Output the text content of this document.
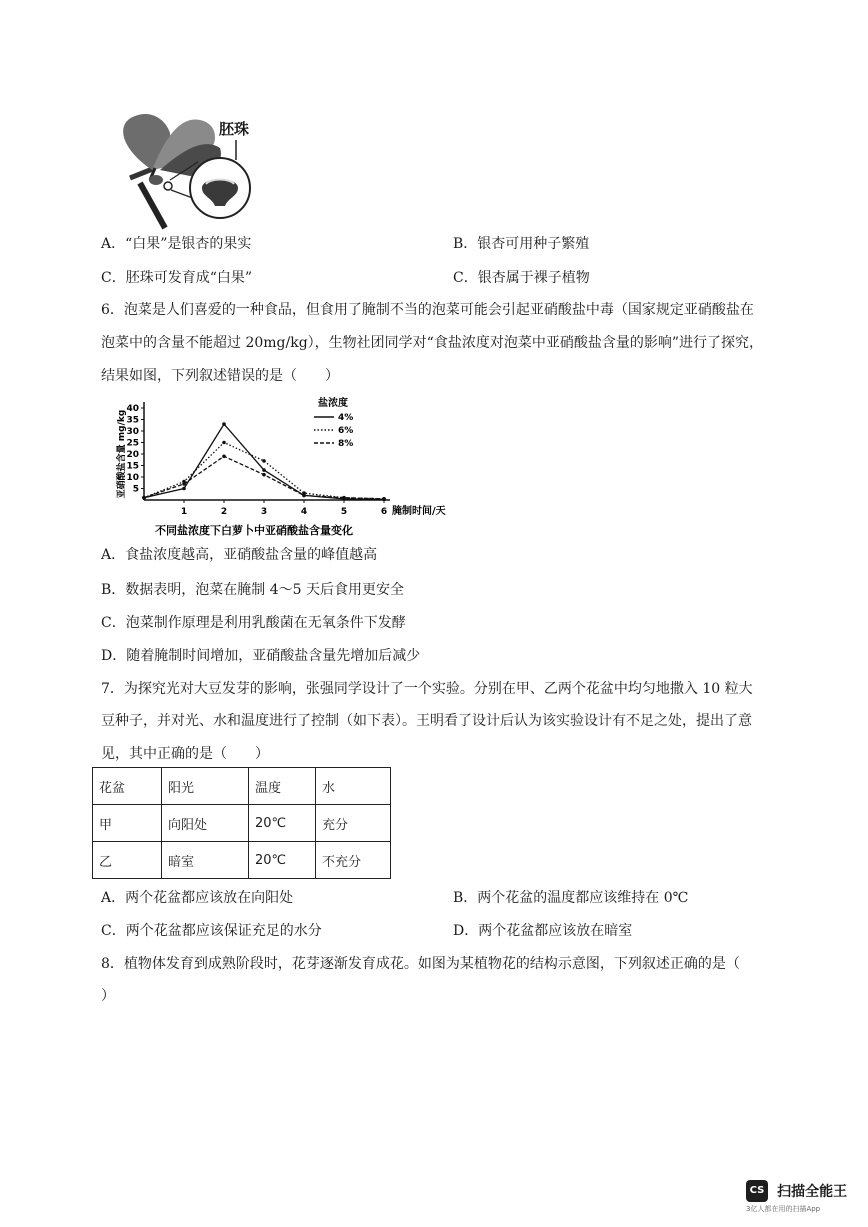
胚珠
A．“白果”是银杏的果实	B．银杏可用种子繁殖
C．胚珠可发育成“白果”	C．银杏属于裸子植物
6．泡菜是人们喜爱的一种食品，但食用了腌制不当的泡菜可能会引起亚硝酸盐中毒（国家规定亚硝酸盐在
泡菜中的含量不能超过 20mg/kg），生物社团同学对“食盐浓度对泡菜中亚硝酸盐含量的影响”进行了探究，
结果如图，下列叙述错误的是（　　）
5
10
15
20
25
30
35
40
1	2	3	4	5	6 腌制时间/天
亚硝酸盐含量 mg/kg
不同盐浓度下白萝卜中亚硝酸盐含量变化
盐浓度
4%
6%
8%
A．食盐浓度越高，亚硝酸盐含量的峰值越高
B．数据表明，泡菜在腌制 4～5 天后食用更安全
C．泡菜制作原理是利用乳酸菌在无氧条件下发酵
D．随着腌制时间增加，亚硝酸盐含量先增加后减少
7．为探究光对大豆发芽的影响，张强同学设计了一个实验。分别在甲、乙两个花盆中均匀地撒入 10 粒大
豆种子，并对光、水和温度进行了控制（如下表）。王明看了设计后认为该实验设计有不足之处，提出了意
见，其中正确的是（　　）
花盆	阳光	温度	水
甲	向阳处	20℃	充分
乙	暗室	20℃	不充分
A．两个花盆都应该放在向阳处	B．两个花盆的温度都应该维持在 0℃
C．两个花盆都应该保证充足的水分	D．两个花盆都应该放在暗室
8．植物体发育到成熟阶段时，花芽逐渐发育成花。如图为某植物花的结构示意图，下列叙述正确的是（
）
CS 扫描全能王
3亿人都在用的扫描App
